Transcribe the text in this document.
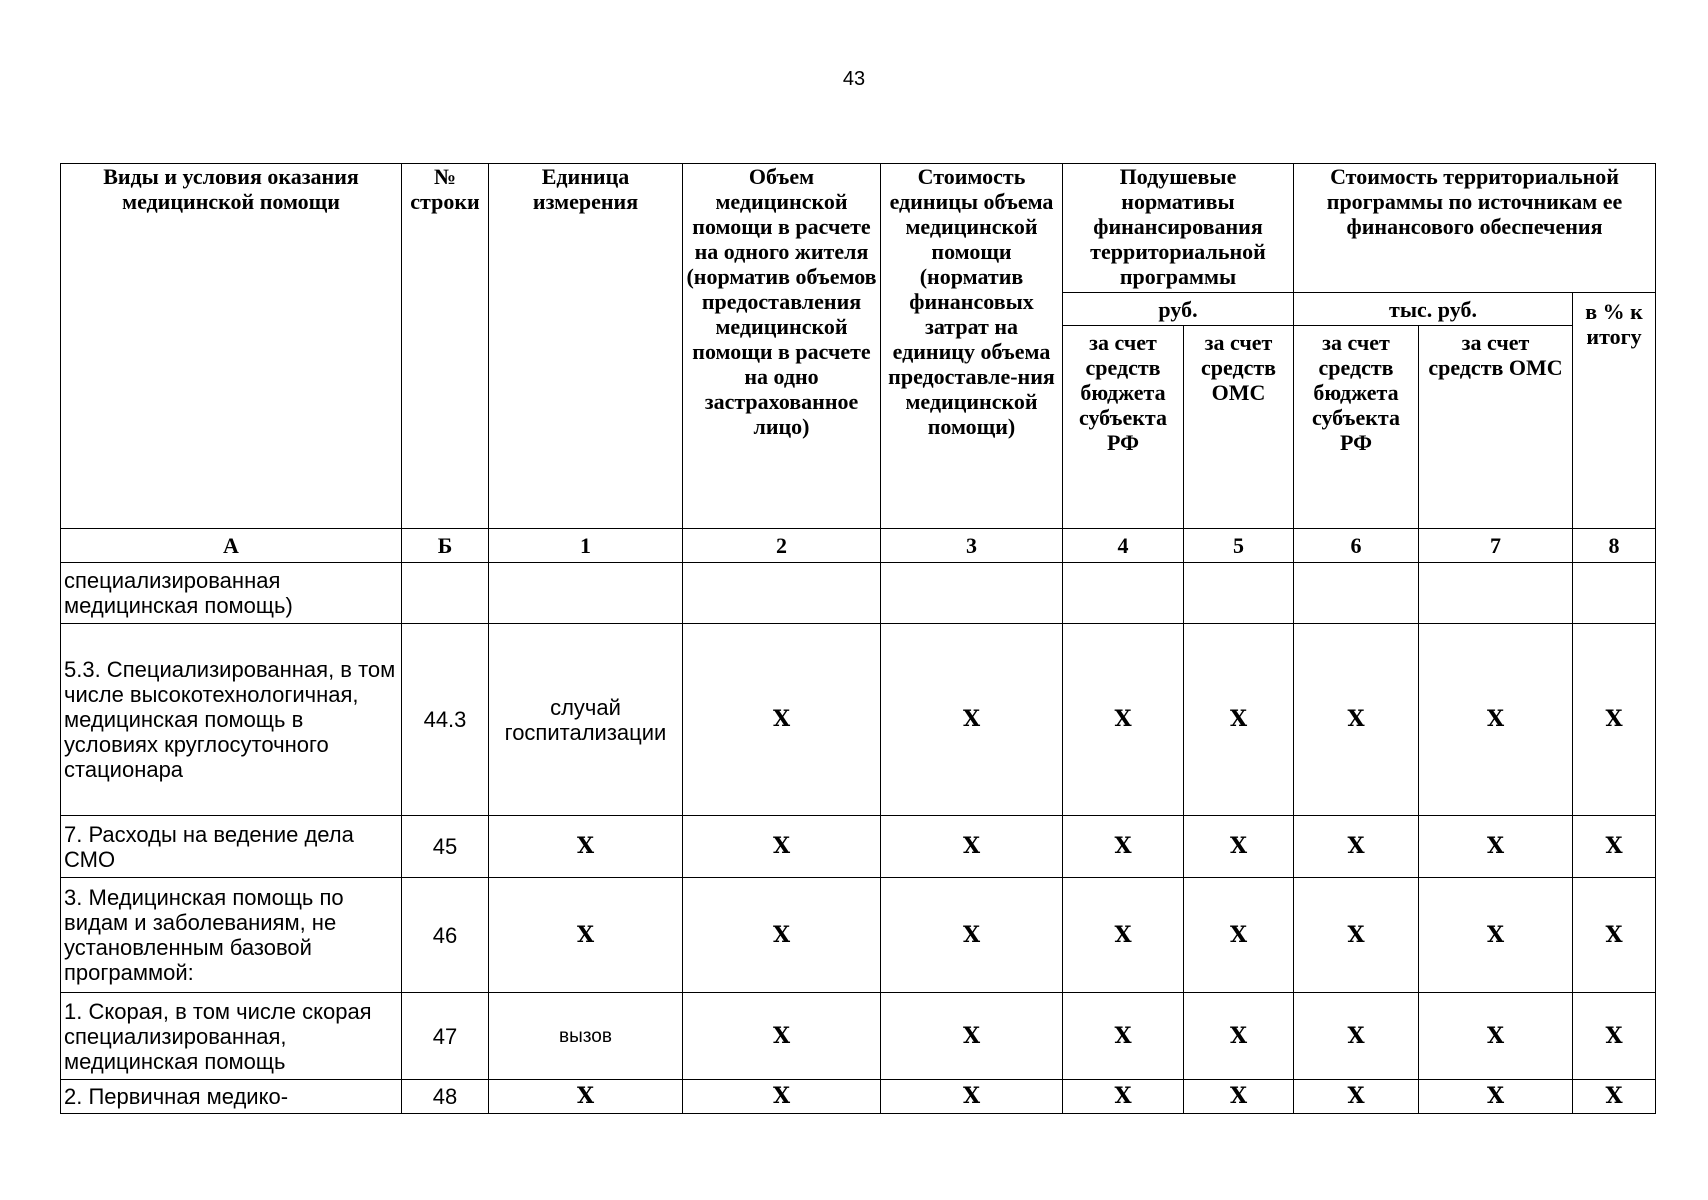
43
Виды и условия оказания медицинской помощи	№ строки	Единица измерения	Объем медицинской помощи в расчете на одного жителя (норматив объемов предоставления медицинской помощи в расчете на одно застрахованное лицо)	Стоимость единицы объема медицинской помощи (норматив финансовых затрат на единицу объема предоставле-ния медицинской помощи)	Подушевые нормативы финансирования территориальной программы		Стоимость территориальной программы по источникам ее финансового обеспечения		
					руб.		тыс. руб.		в % к итогу
					за счет средств бюджета субъекта РФ	за счет средств ОМС	за счет средств бюджета субъекта РФ	за счет средств ОМС	
А	Б	1	2	3	4	5	6	7	8
специализированная медицинская помощь)									
5.3. Специализированная, в том числе высокотехнологичная, медицинская помощь в условиях круглосуточного стационара	44.3	случай госпитализации	Х	Х	Х	Х	Х	Х	Х
7. Расходы на ведение дела СМО	45	Х	Х	Х	Х	Х	Х	Х	Х
3. Медицинская помощь по видам и заболеваниям, не установленным базовой программой:	46	Х	Х	Х	Х	Х	Х	Х	Х
1. Скорая, в том числе скорая специализированная, медицинская помощь	47	вызов	Х	Х	Х	Х	Х	Х	Х
2. Первичная медико-	48	Х	Х	Х	Х	Х	Х	Х	Х
